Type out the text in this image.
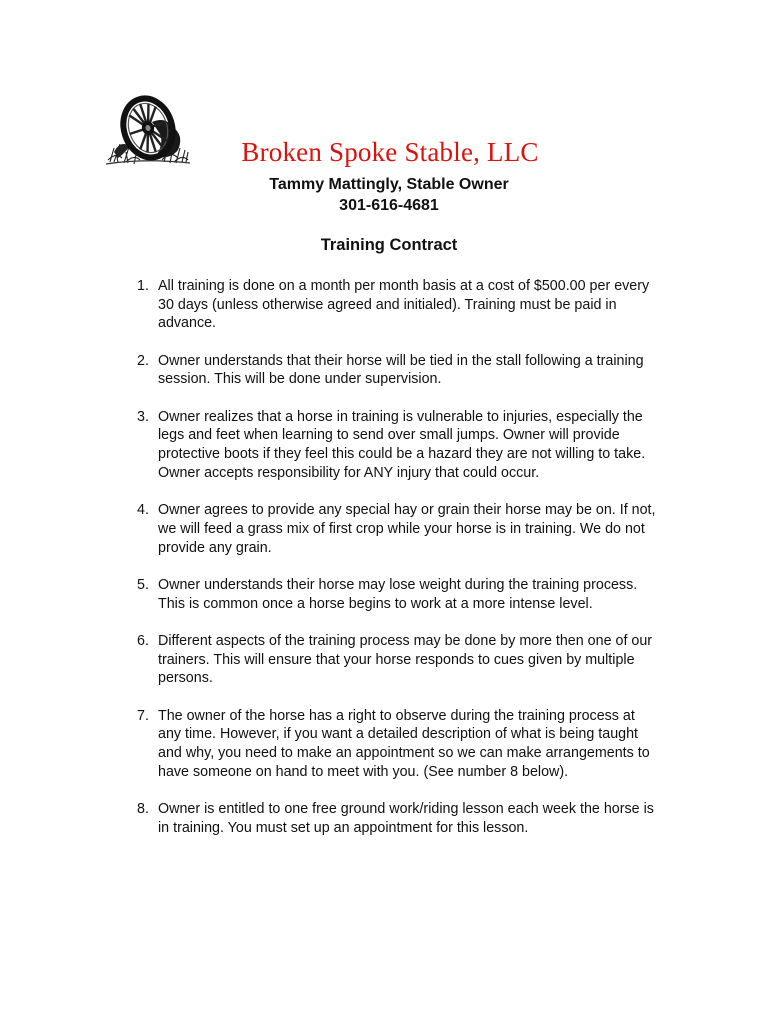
Broken Spoke Stable, LLC
Tammy Mattingly, Stable Owner
301-616-4681
Training Contract
1. All training is done on a month per month basis at a cost of $500.00 per every 30 days (unless otherwise agreed and initialed). Training must be paid in advance.
2. Owner understands that their horse will be tied in the stall following a training session. This will be done under supervision.
3. Owner realizes that a horse in training is vulnerable to injuries, especially the legs and feet when learning to send over small jumps. Owner will provide protective boots if they feel this could be a hazard they are not willing to take. Owner accepts responsibility for ANY injury that could occur.
4. Owner agrees to provide any special hay or grain their horse may be on. If not, we will feed a grass mix of first crop while your horse is in training. We do not provide any grain.
5. Owner understands their horse may lose weight during the training process. This is common once a horse begins to work at a more intense level.
6. Different aspects of the training process may be done by more then one of our trainers. This will ensure that your horse responds to cues given by multiple persons.
7. The owner of the horse has a right to observe during the training process at any time. However, if you want a detailed description of what is being taught and why, you need to make an appointment so we can make arrangements to have someone on hand to meet with you. (See number 8 below).
8. Owner is entitled to one free ground work/riding lesson each week the horse is in training. You must set up an appointment for this lesson.
